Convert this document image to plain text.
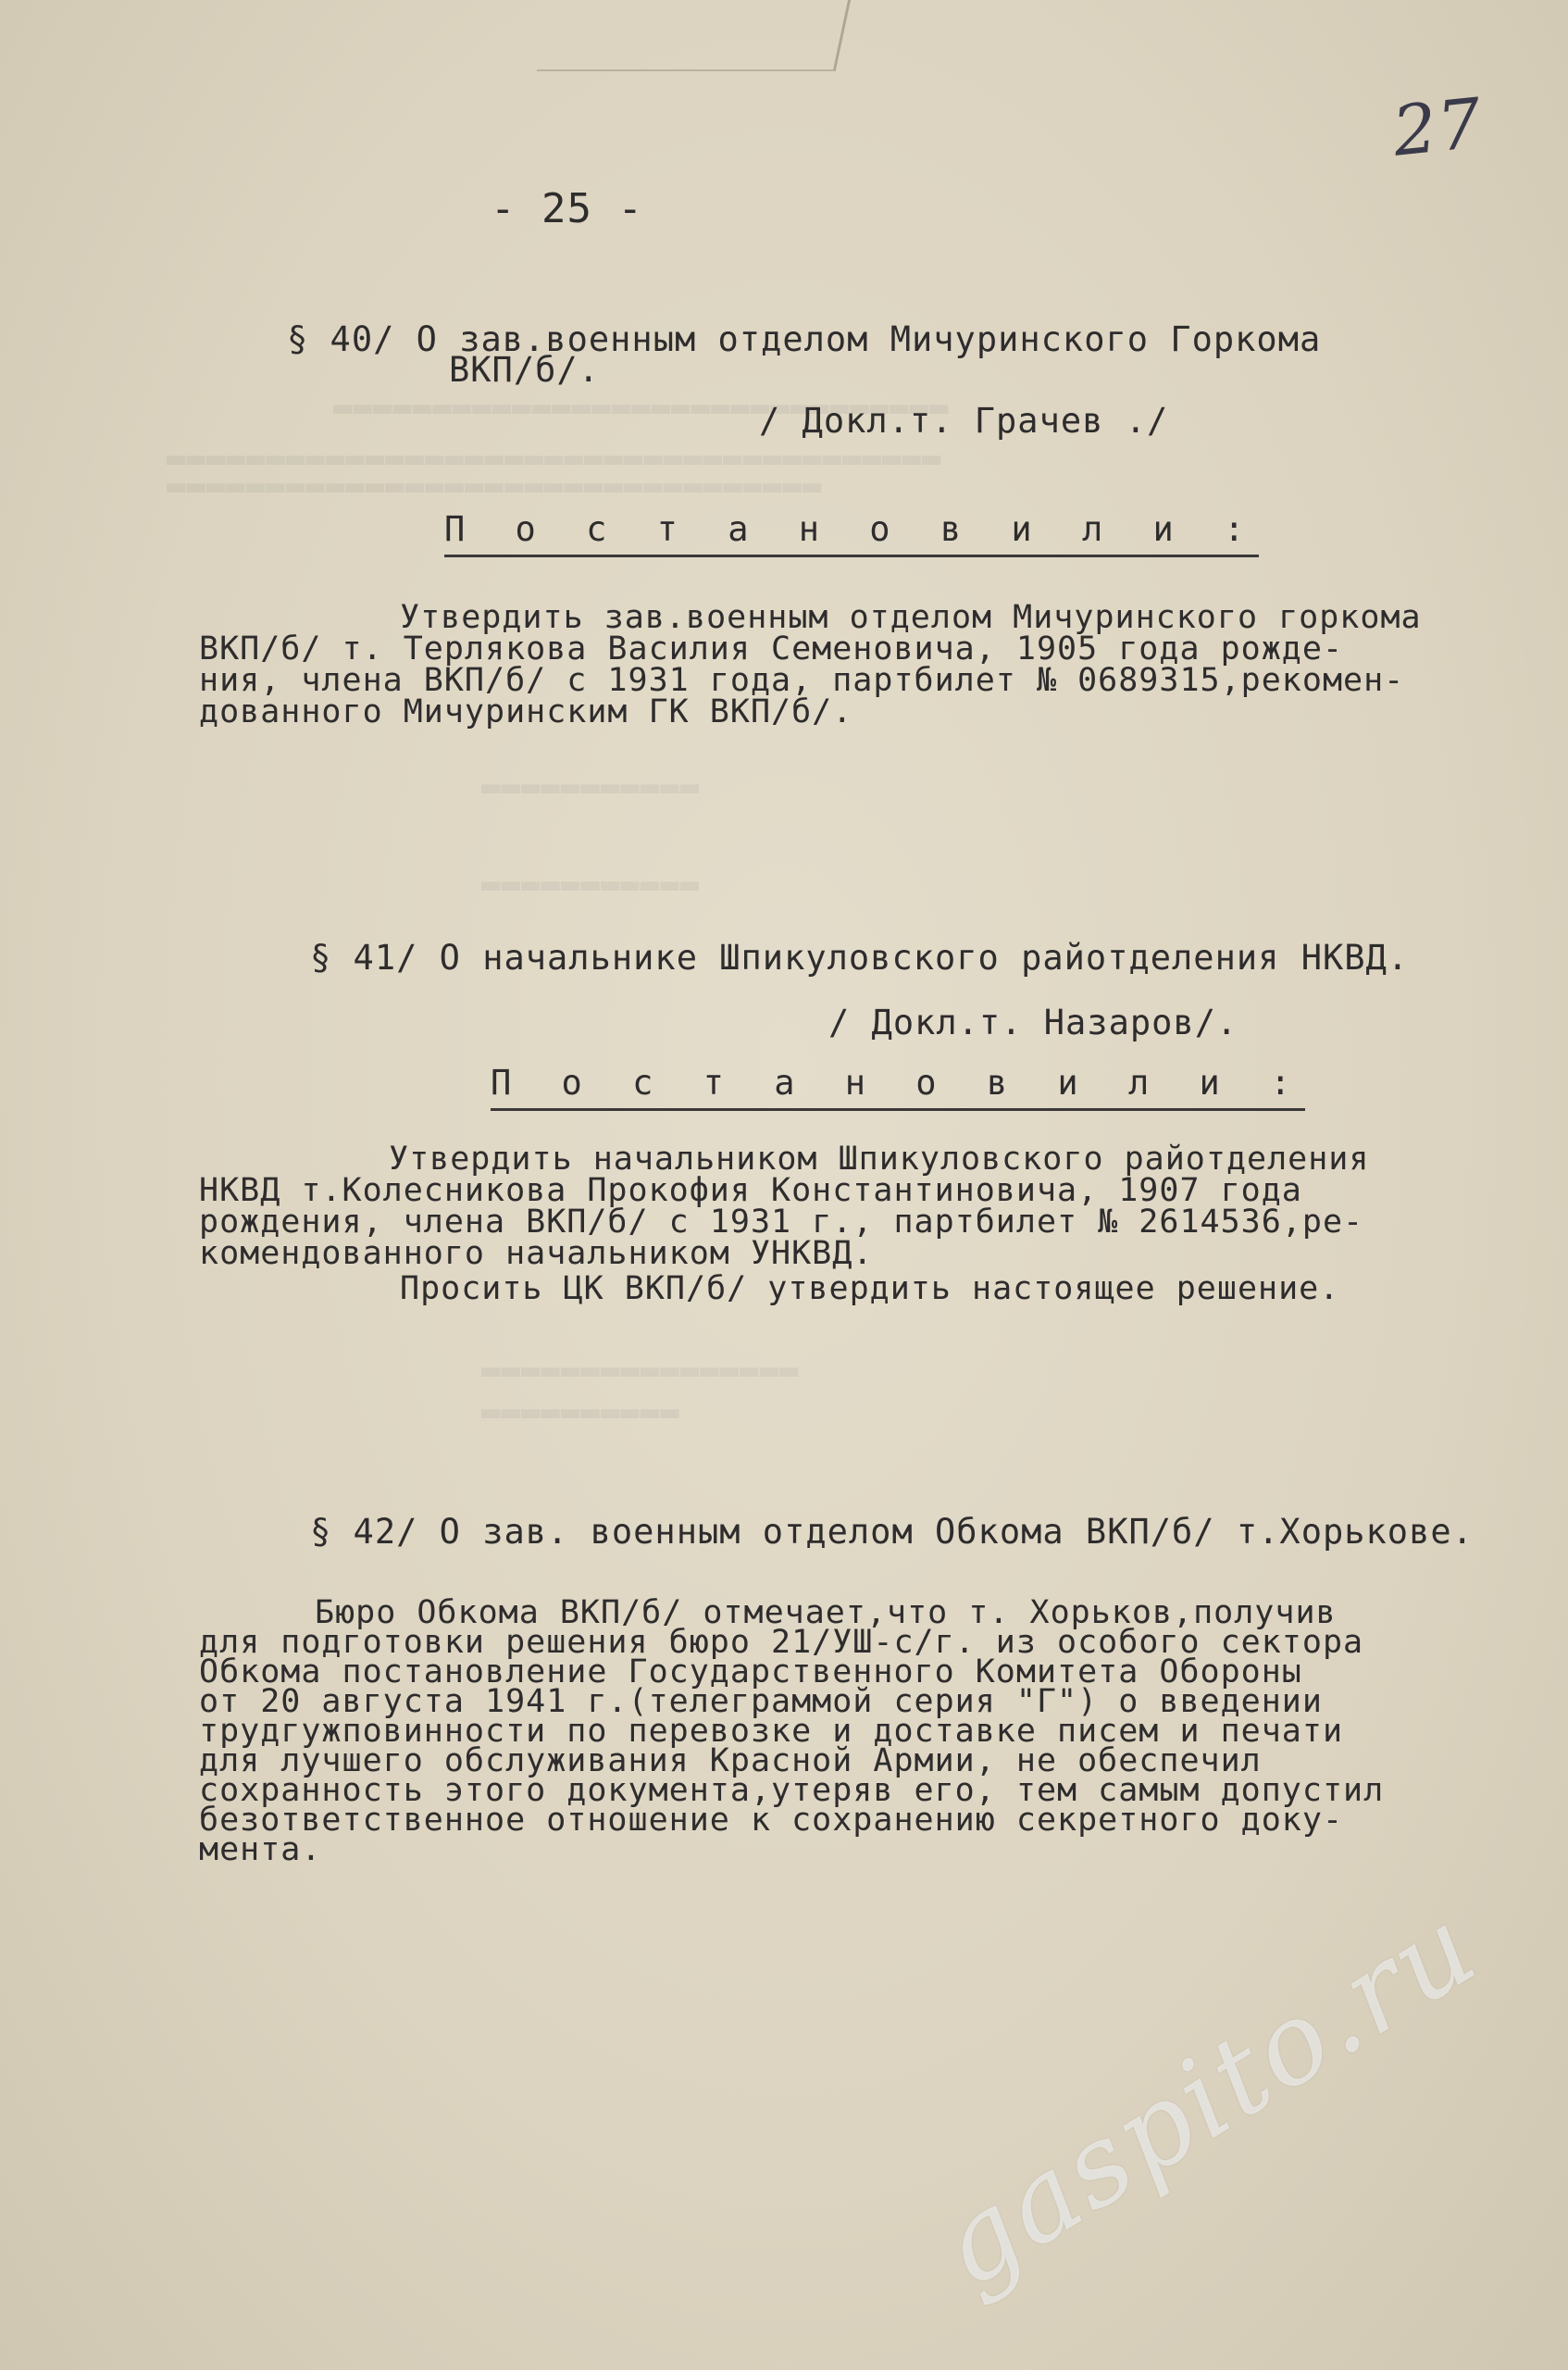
▬▬▬▬▬▬▬▬▬▬▬▬▬▬▬▬▬▬▬▬▬▬▬▬▬▬▬▬▬▬▬
▬▬▬▬▬▬▬▬▬▬▬▬▬▬▬▬▬▬▬▬▬▬▬▬▬▬▬▬▬▬▬▬▬▬▬▬▬▬▬
▬▬▬▬▬▬▬▬▬▬▬▬▬▬▬▬▬▬▬▬▬▬▬▬▬▬▬▬▬▬▬▬▬
▬▬▬▬▬▬▬▬▬▬▬
▬▬▬▬▬▬▬▬▬▬▬
▬▬▬▬▬▬▬▬▬▬▬▬▬▬▬▬
▬▬▬▬▬▬▬▬▬▬
27

- 25 -

§ 40/ О зав.военным отделом Мичуринского Горкома

ВКП/б/.

/ Докл.т. Грачев ./

П о с т а н о в и л и :

Утвердить зав.военным отделом Мичуринского горкома

ВКП/б/ т. Терлякова Василия Семеновича, 1905 года рожде-

ния, члена ВКП/б/ с 1931 года, партбилет № 0689315,рекомен-

дованного Мичуринским ГК ВКП/б/.

§ 41/ О начальнике Шпикуловского райотделения НКВД.

/ Докл.т. Назаров/.

П о с т а н о в и л и :

Утвердить начальником Шпикуловского райотделения

НКВД т.Колесникова Прокофия Константиновича, 1907 года

рождения, члена ВКП/б/ с 1931 г., партбилет № 2614536,ре-

комендованного начальником УНКВД.

Просить ЦК ВКП/б/ утвердить настоящее решение.

§ 42/ О зав. военным отделом Обкома ВКП/б/ т.Хорькове.

Бюро Обкома ВКП/б/ отмечает,что т. Хорьков,получив

для подготовки решения бюро 21/УШ-с/г. из особого сектора

Обкома постановление Государственного Комитета Обороны

от 20 августа 1941 г.(телеграммой серия "Г") о введении

трудгужповинности по перевозке и доставке писем и печати

для лучшего обслуживания Красной Армии, не обеспечил

сохранность этого документа,утеряв его, тем самым допустил

безответственное отношение к сохранению секретного доку-

мента.

gaspito.ru
